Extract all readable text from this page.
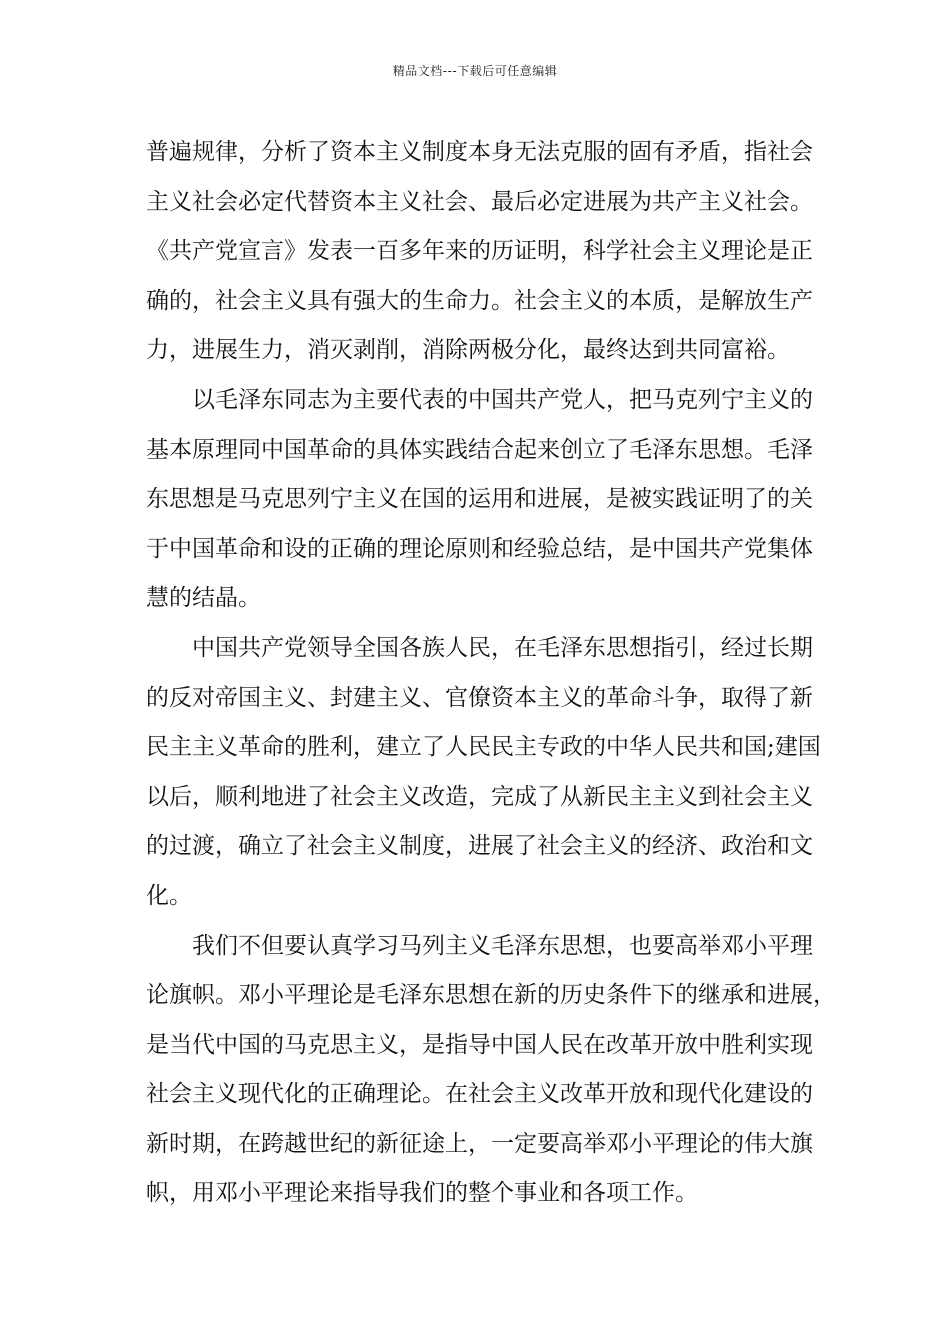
精品文档---下载后可任意编辑
普遍规律，分析了资本主义制度本身无法克服的固有矛盾，指社会
主义社会必定代替资本主义社会、最后必定进展为共产主义社会。
《共产党宣言》发表一百多年来的历证明，科学社会主义理论是正
确的，社会主义具有强大的生命力。社会主义的本质，是解放生产
力，进展生力，消灭剥削，消除两极分化，最终达到共同富裕。
以毛泽东同志为主要代表的中国共产党人，把马克列宁主义的
基本原理同中国革命的具体实践结合起来创立了毛泽东思想。毛泽
东思想是马克思列宁主义在国的运用和进展，是被实践证明了的关
于中国革命和设的正确的理论原则和经验总结，是中国共产党集体
慧的结晶。
中国共产党领导全国各族人民，在毛泽东思想指引，经过长期
的反对帝国主义、封建主义、官僚资本主义的革命斗争，取得了新
民主主义革命的胜利，建立了人民民主专政的中华人民共和国;建国
以后，顺利地进了社会主义改造，完成了从新民主主义到社会主义
的过渡，确立了社会主义制度，进展了社会主义的经济、政治和文
化。
我们不但要认真学习马列主义毛泽东思想，也要高举邓小平理
论旗帜。邓小平理论是毛泽东思想在新的历史条件下的继承和进展，
是当代中国的马克思主义，是指导中国人民在改革开放中胜利实现
社会主义现代化的正确理论。在社会主义改革开放和现代化建设的
新时期，在跨越世纪的新征途上，一定要高举邓小平理论的伟大旗
帜，用邓小平理论来指导我们的整个事业和各项工作。
